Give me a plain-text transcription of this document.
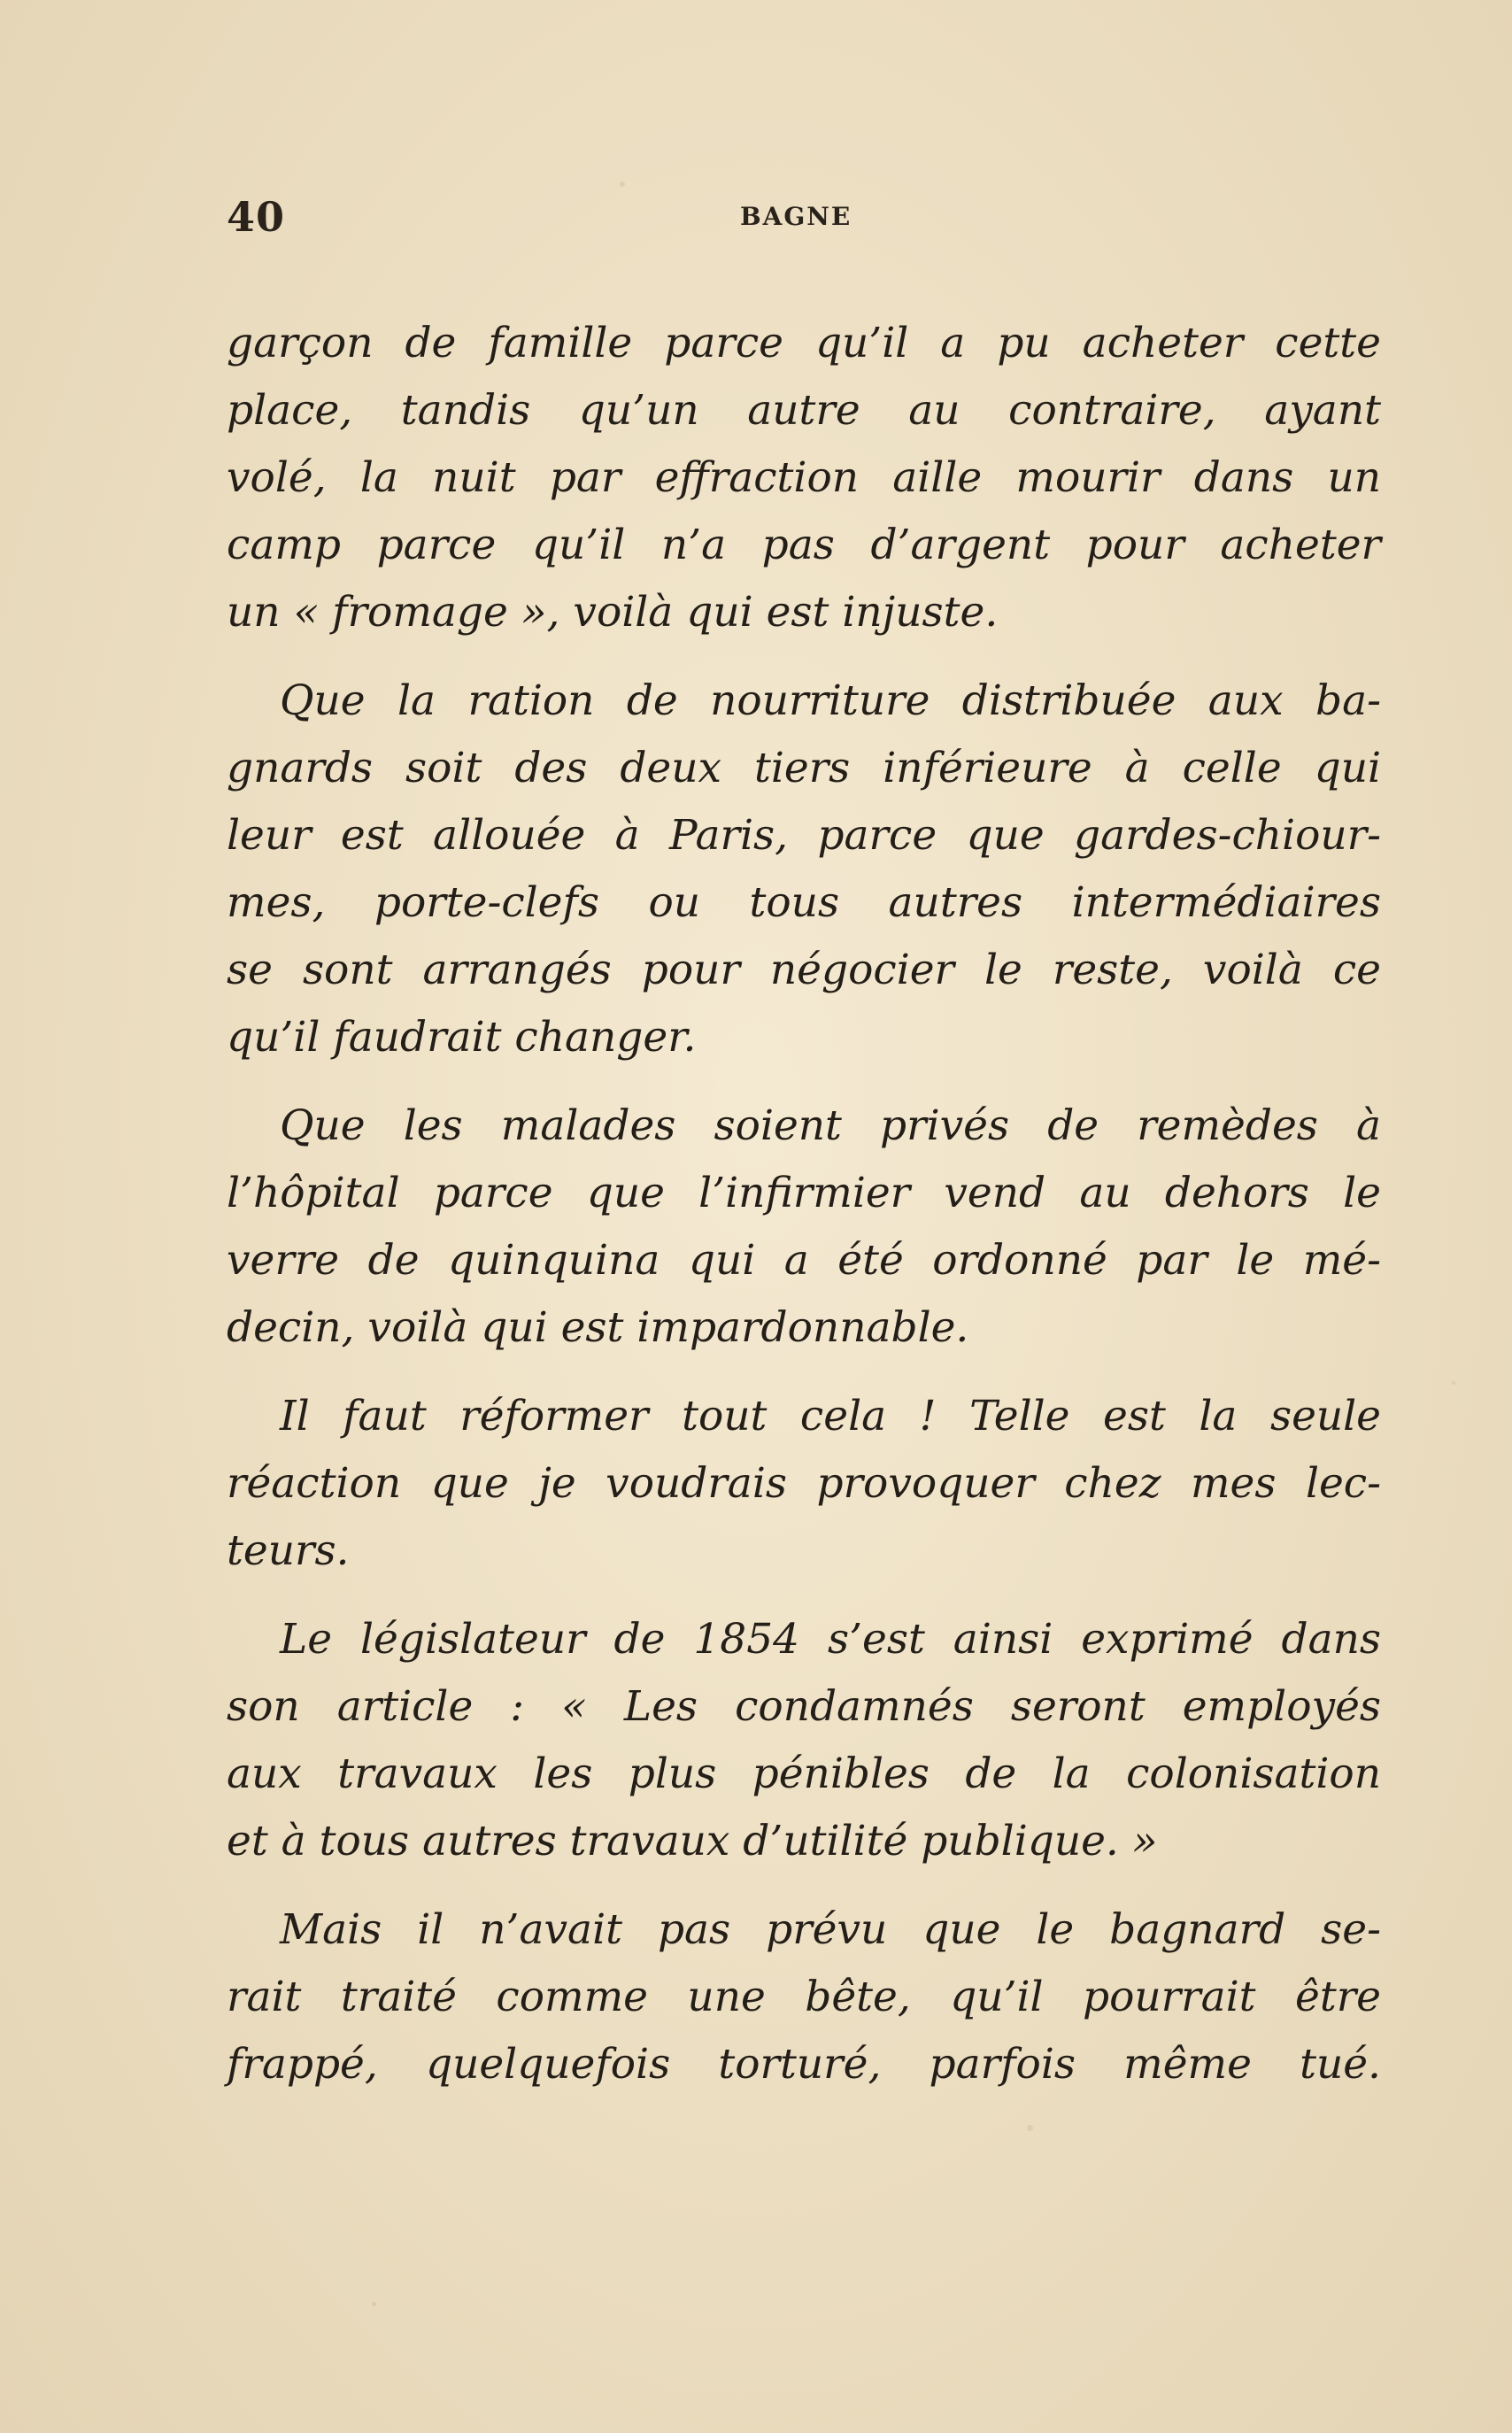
40	BAGNE
garçon de famille parce qu’il a pu acheter cette
place, tandis qu’un autre au contraire, ayant
volé, la nuit par effraction aille mourir dans un
camp parce qu’il n’a pas d’argent pour acheter
un « fromage », voilà qui est injuste.
Que la ration de nourriture distribuée aux ba-
gnards soit des deux tiers inférieure à celle qui
leur est allouée à Paris, parce que gardes-chiour-
mes, porte-clefs ou tous autres intermédiaires
se sont arrangés pour négocier le reste, voilà ce
qu’il faudrait changer.
Que les malades soient privés de remèdes à
l’hôpital parce que l’infirmier vend au dehors le
verre de quinquina qui a été ordonné par le mé-
decin, voilà qui est impardonnable.
Il faut réformer tout cela ! Telle est la seule
réaction que je voudrais provoquer chez mes lec-
teurs.
Le législateur de 1854 s’est ainsi exprimé dans
son article : « Les condamnés seront employés
aux travaux les plus pénibles de la colonisation
et à tous autres travaux d’utilité publique. »
Mais il n’avait pas prévu que le bagnard se-
rait traité comme une bête, qu’il pourrait être
frappé, quelquefois torturé, parfois même tué.
